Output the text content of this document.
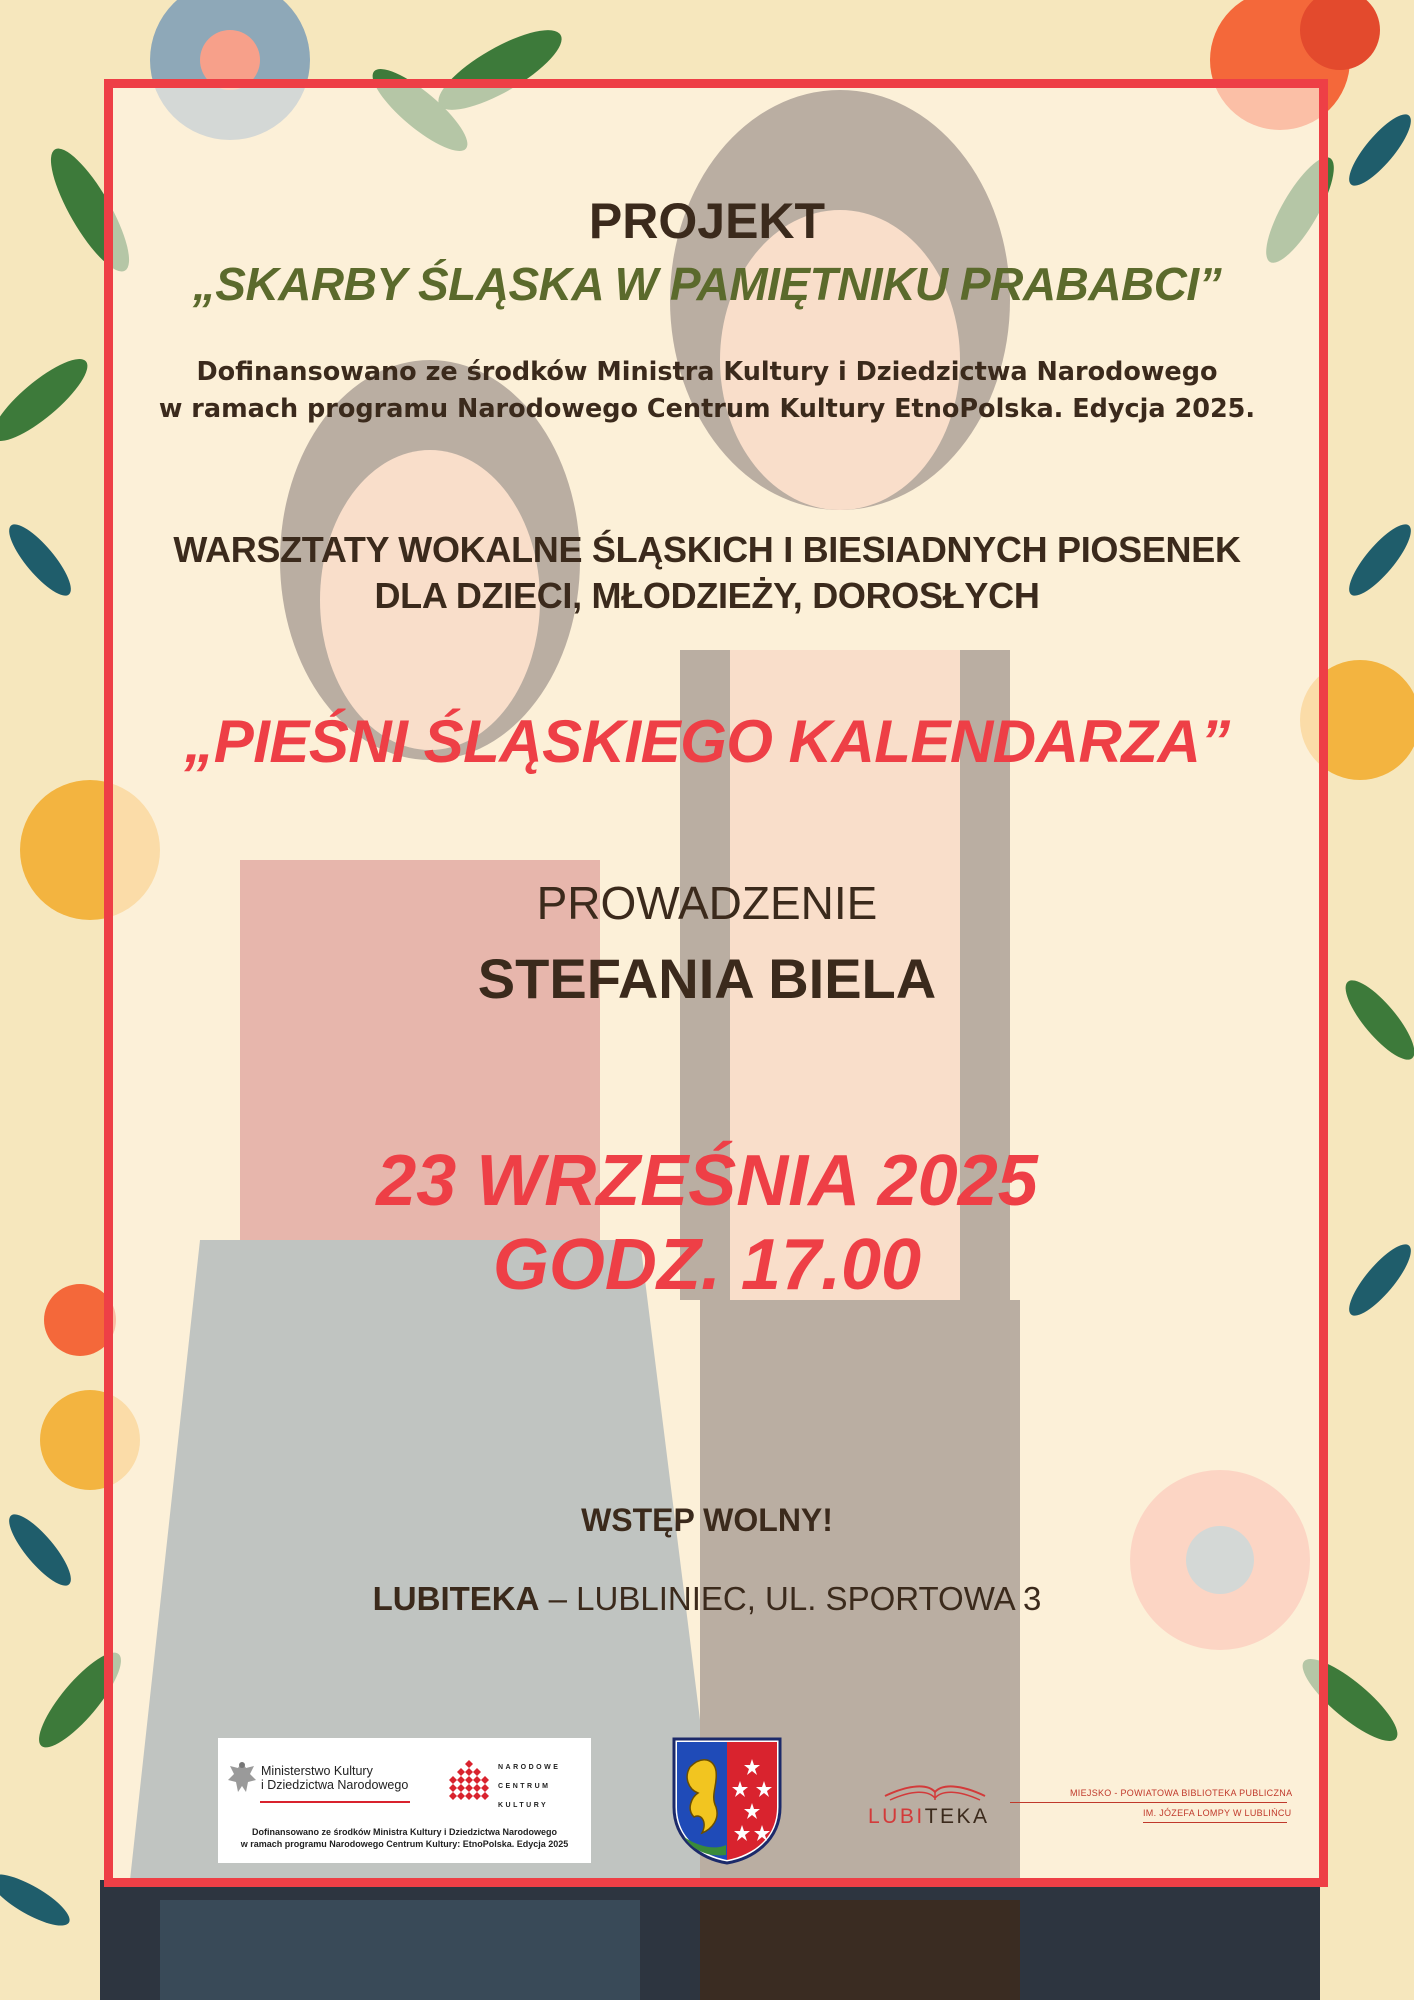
PROJEKT
„SKARBY ŚLĄSKA W PAMIĘTNIKU PRABABCI”
Dofinansowano ze środków Ministra Kultury i Dziedzictwa Narodowego
w ramach programu Narodowego Centrum Kultury EtnoPolska. Edycja 2025.
WARSZTATY WOKALNE ŚLĄSKICH I BIESIADNYCH PIOSENEK
DLA DZIECI, MŁODZIEŻY, DOROSŁYCH
„PIEŚNI ŚLĄSKIEGO KALENDARZA”
PROWADZENIE
STEFANIA BIELA
23 WRZEŚNIA 2025
GODZ. 17.00
WSTĘP WOLNY!
LUBITEKA – LUBLINIEC, UL. SPORTOWA 3
Ministerstwo Kultury
i Dziedzictwa Narodowego
NARODOWE
CENTRUM
KULTURY
Dofinansowano ze środków Ministra Kultury i Dziedzictwa Narodowego
w ramach programu Narodowego Centrum Kultury: EtnoPolska. Edycja 2025
LUBITEKA
MIEJSKO - POWIATOWA BIBLIOTEKA PUBLICZNA
IM. JÓZEFA LOMPY W LUBLIŃCU
